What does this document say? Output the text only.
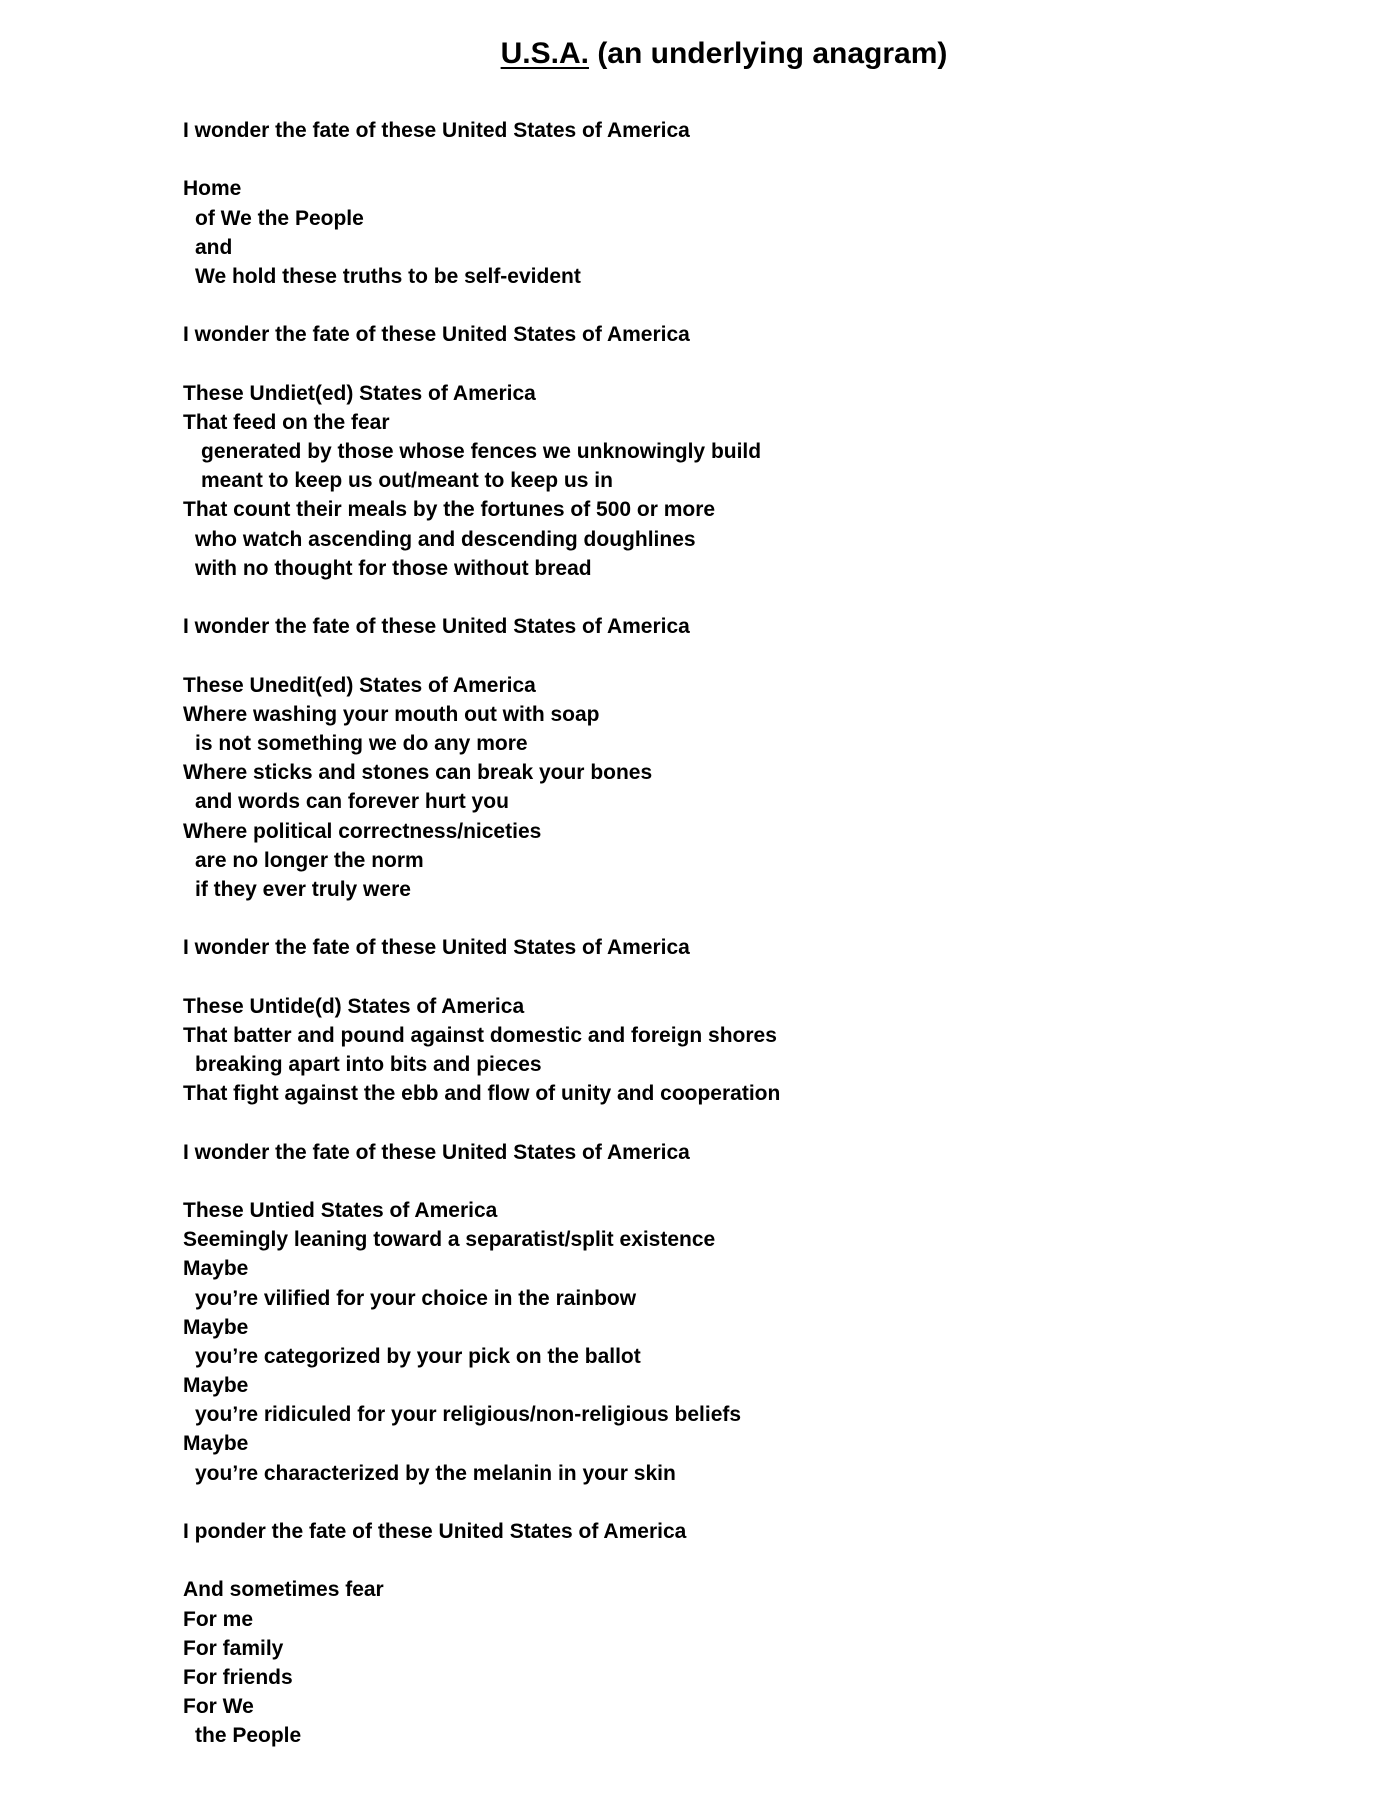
U.S.A. (an underlying anagram)
I wonder the fate of these United States of America
Home
of We the People
and
We hold these truths to be self-evident
I wonder the fate of these United States of America
These Undiet(ed) States of America
That feed on the fear
generated by those whose fences we unknowingly build
meant to keep us out/meant to keep us in
That count their meals by the fortunes of 500 or more
who watch ascending and descending doughlines
with no thought for those without bread
I wonder the fate of these United States of America
These Unedit(ed) States of America
Where washing your mouth out with soap
is not something we do any more
Where sticks and stones can break your bones
and words can forever hurt you
Where political correctness/niceties
are no longer the norm
if they ever truly were
I wonder the fate of these United States of America
These Untide(d) States of America
That batter and pound against domestic and foreign shores
breaking apart into bits and pieces
That fight against the ebb and flow of unity and cooperation
I wonder the fate of these United States of America
These Untied States of America
Seemingly leaning toward a separatist/split existence
Maybe
you’re vilified for your choice in the rainbow
Maybe
you’re categorized by your pick on the ballot
Maybe
you’re ridiculed for your religious/non-religious beliefs
Maybe
you’re characterized by the melanin in your skin
I ponder the fate of these United States of America
And sometimes fear
For me
For family
For friends
For We
the People
